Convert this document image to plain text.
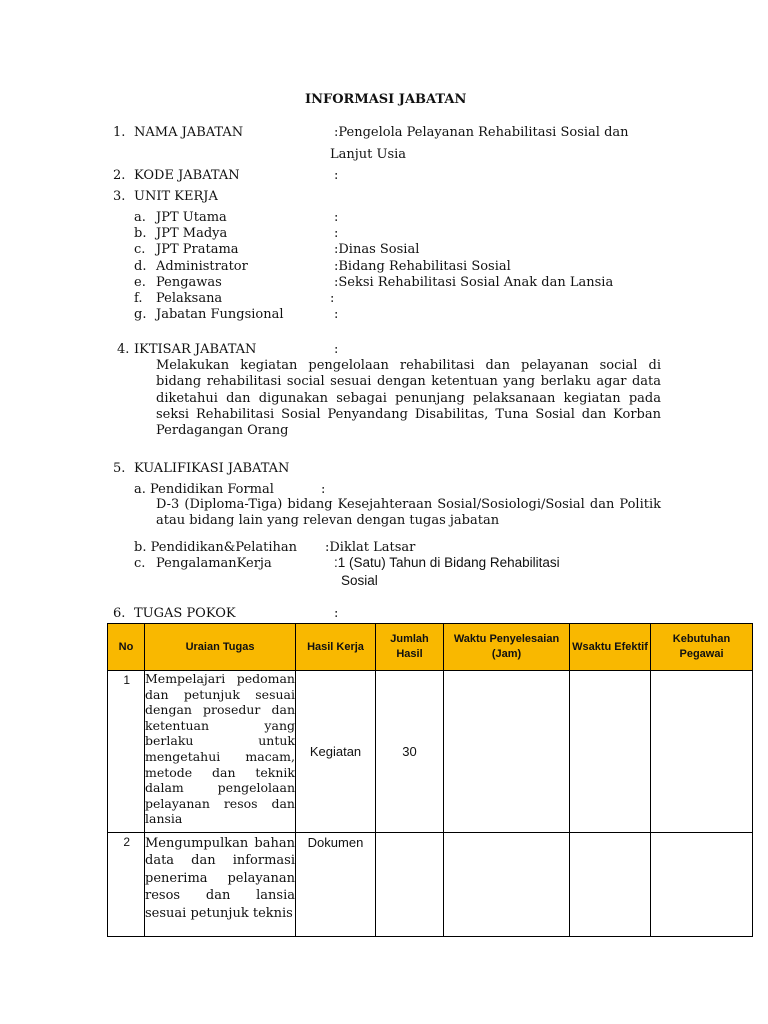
INFORMASI JABATAN
1. NAMA JABATAN	:Pengelola Pelayanan Rehabilitasi Sosial dan
Lanjut Usia
2. KODE JABATAN	:
3. UNIT KERJA
a. JPT Utama	:
b. JPT Madya	:
c. JPT Pratama	:Dinas Sosial
d. Administrator	:Bidang Rehabilitasi Sosial
e. Pengawas	:Seksi Rehabilitasi Sosial Anak dan Lansia
f. Pelaksana	:
g. Jabatan Fungsional	:
4. IKTISAR JABATAN	:
Melakukan kegiatan pengelolaan rehabilitasi dan pelayanan social di bidang rehabilitasi social sesuai dengan ketentuan yang berlaku agar data diketahui dan digunakan sebagai penunjang pelaksanaan kegiatan pada seksi Rehabilitasi Sosial Penyandang Disabilitas, Tuna Sosial dan Korban Perdagangan Orang
5. KUALIFIKASI JABATAN
a. Pendidikan Formal	:
D-3 (Diploma-Tiga) bidang Kesejahteraan Sosial/Sosiologi/Sosial dan Politik atau bidang lain yang relevan dengan tugas jabatan
b. Pendidikan&Pelatihan :Diklat Latsar
c. PengalamanKerja	:1 (Satu) Tahun di Bidang Rehabilitasi
Sosial
6. TUGAS POKOK	:
No	Uraian Tugas	Hasil Kerja	Jumlah Hasil	Waktu Penyelesaian (Jam)	Wsaktu Efektif	Kebutuhan Pegawai
1	Mempelajari pedoman dan petunjuk sesuai dengan prosedur dan ketentuan yang berlaku untuk mengetahui macam, metode dan teknik dalam pengelolaan pelayanan resos dan lansia	Kegiatan	30			
2	Mengumpulkan bahan data dan informasi penerima pelayanan resos dan lansia sesuai petunjuk teknis	Dokumen				
